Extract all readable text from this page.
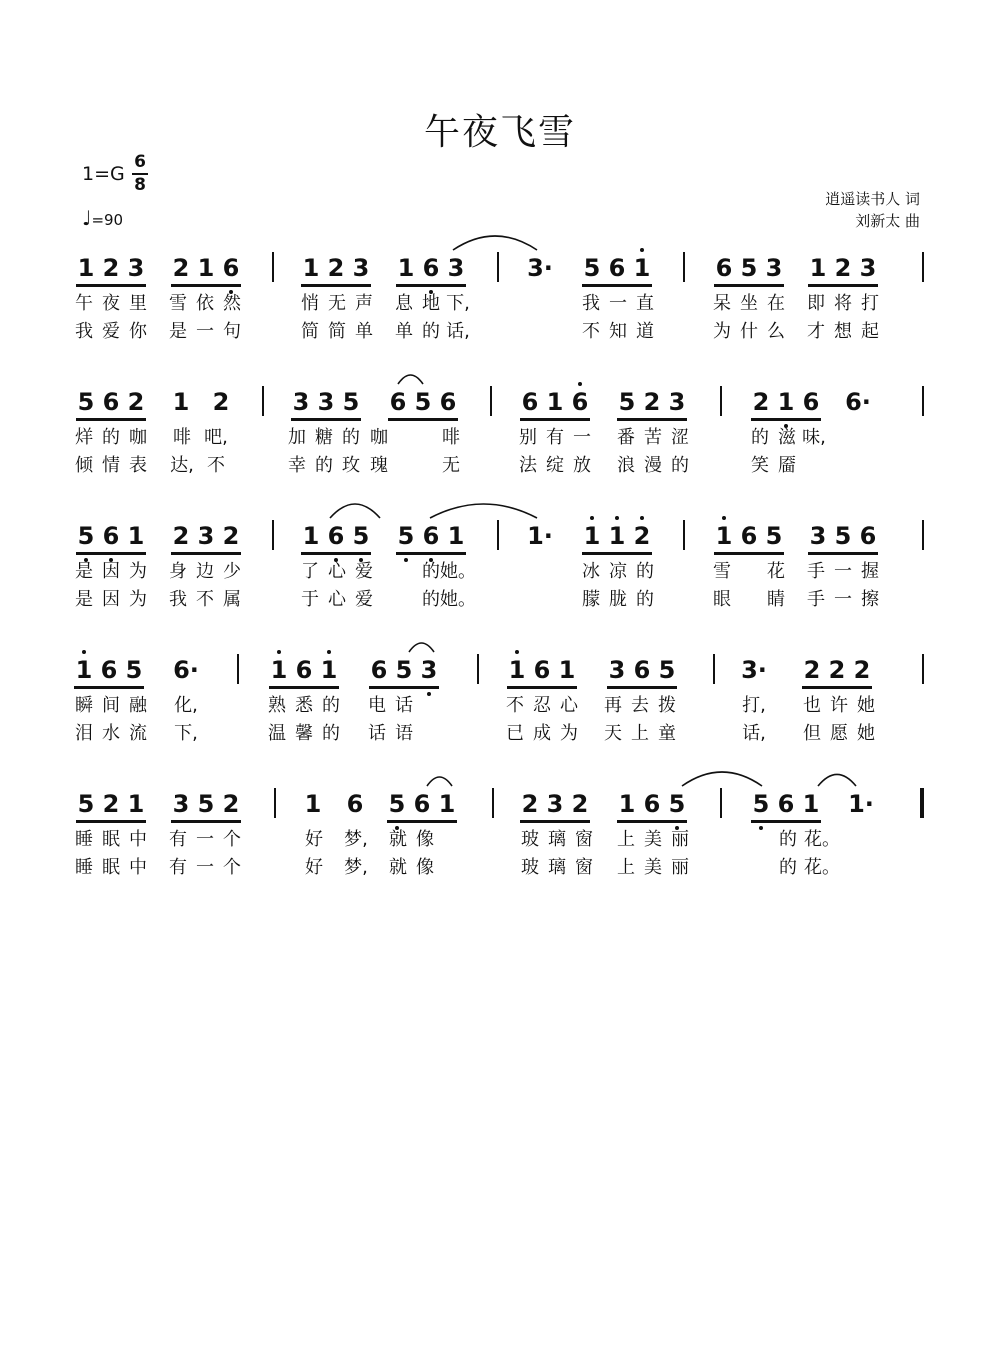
午夜飞雪
1=G
6
8
♩=90
逍遥读书人 词
刘新太 曲
1 2 3 2 1 6	1 2 3 1 6 3	3· 5 6 1	6 5 3 1 2 3
午 夜 里 雪 依 然	悄 无 声 息 地 下,	我 一 直	呆 坐 在 即 将 打
我 爱 你 是 一 句	简 简 单 单 的 话,	不 知 道	为 什 么 才 想 起
5 6 2 1 2	3 3 5 6 5 6	6 1 6 5 2 3	2 1 6 6·
烊 的 咖 啡 吧,	加 糖 的 咖	啡	别 有 一 番 苦 涩	的 滋 味,
倾 情 表 达, 不	幸 的 玫 瑰	无	法 绽 放 浪 漫 的	笑 靥
5 6 1 2 3 2	1 6 5 5 6 1	1· 1 1 2	1 6 5 3 5 6
是 因 为 身 边 少	了 心 爱	的 她。	冰 凉 的	雪 花 手 一 握
是 因 为 我 不 属	于 心 爱	的 她。	朦 胧 的	眼 睛 手 一 擦
1 6 5 6·	1 6 1 6 5 3	1 6 1 3 6 5	3· 2 2 2
瞬 间 融 化,	熟 悉 的 电 话	不 忍 心 再 去 拨	打, 也 许 她
泪 水 流 下,	温 馨 的 话 语	已 成 为 天 上 童	话, 但 愿 她
5 2 1 3 5 2	1 6 5 6 1	2 3 2 1 6 5	5 6 1 1·
睡 眠 中 有 一 个	好 梦, 就 像	玻 璃 窗 上 美 丽	的 花。
睡 眠 中 有 一 个	好 梦, 就 像	玻 璃 窗 上 美 丽	的 花。
